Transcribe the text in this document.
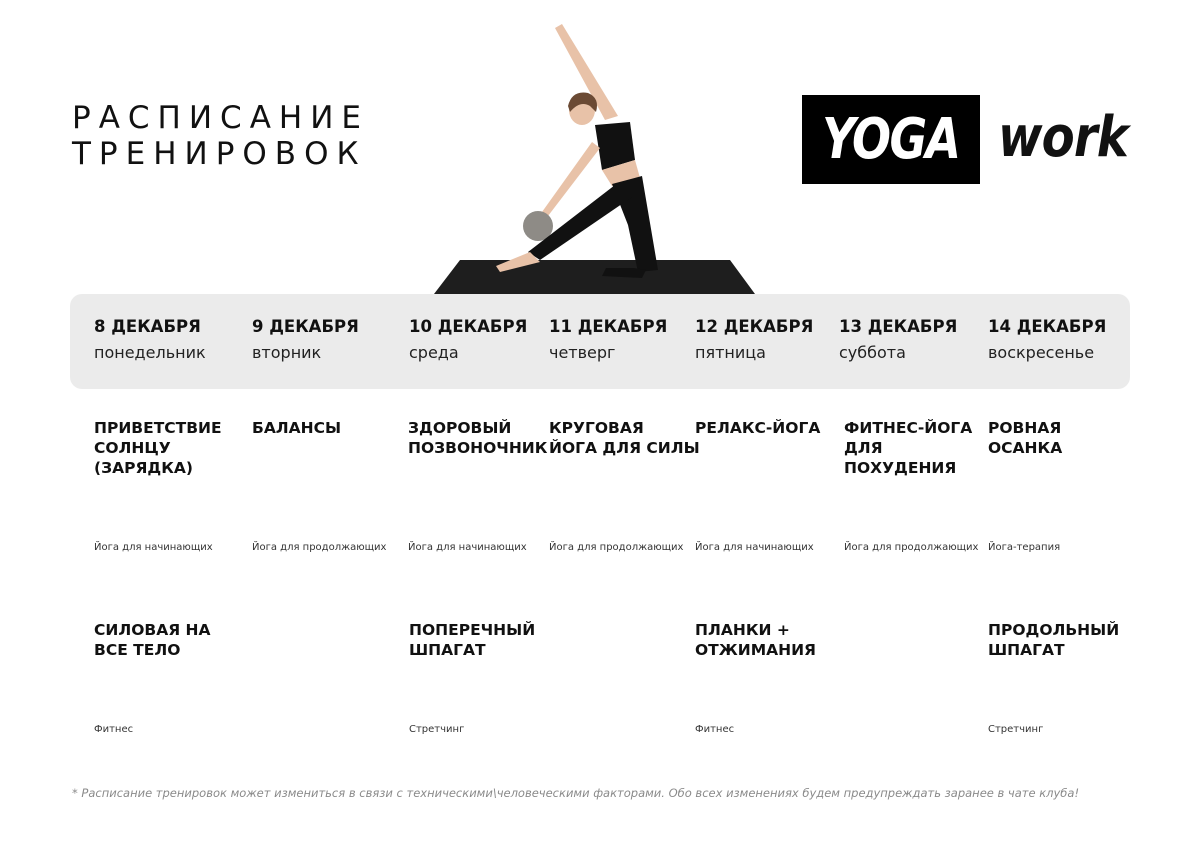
РАСПИСАНИЕ
ТРЕНИРОВОК	YOGA work
8 ДЕКАБРЯ
понедельник
9 ДЕКАБРЯ
вторник
10 ДЕКАБРЯ
среда
11 ДЕКАБРЯ
четверг
12 ДЕКАБРЯ
пятница
13 ДЕКАБРЯ
суббота
14 ДЕКАБРЯ
воскресенье
ПРИВЕТСТВИЕ
СОЛНЦУ
(ЗАРЯДКА)
Йога для начинающих
БАЛАНСЫ
Йога для продолжающих
ЗДОРОВЫЙ
ПОЗВОНОЧНИК
Йога для начинающих
КРУГОВАЯ
ЙОГА ДЛЯ СИЛЫ
Йога для продолжающих
РЕЛАКС-ЙОГА
Йога для начинающих
ФИТНЕС-ЙОГА
ДЛЯ
ПОХУДЕНИЯ
Йога для продолжающих
РОВНАЯ
ОСАНКА
Йога-терапия
СИЛОВАЯ НА
ВСЕ ТЕЛО
Фитнес
ПОПЕРЕЧНЫЙ
ШПАГАТ
Стретчинг
ПЛАНКИ +
ОТЖИМАНИЯ
Фитнес
ПРОДОЛЬНЫЙ
ШПАГАТ
Стретчинг
* Расписание тренировок может измениться в связи с техническими\человеческими факторами. Обо всех изменениях будем предупреждать заранее в чате клуба!
